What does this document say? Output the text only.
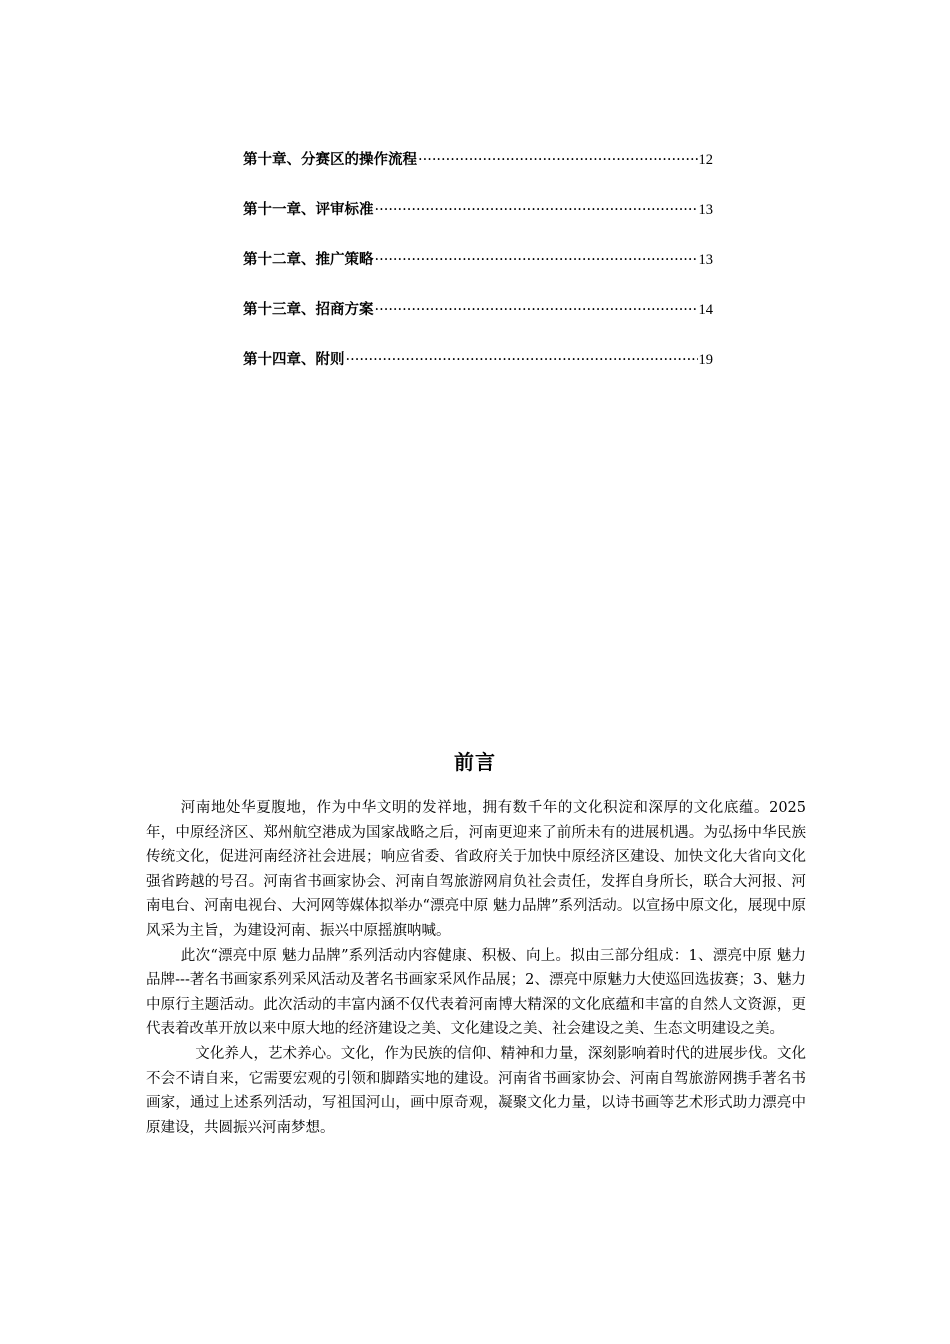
第十章、分赛区的操作流程 ·····	12
第十一章、评审标准 ·····	13
第十二章、推广策略 ·····	13
第十三章、招商方案 ·····	14
第十四章、附则 ·····	19
前言

河南地处华夏腹地，作为中华文明的发祥地，拥有数千年的文化积淀和深厚的文化底蕴。2025年，中原经济区、郑州航空港成为国家战略之后，河南更迎来了前所未有的进展机遇。为弘扬中华民族传统文化，促进河南经济社会进展；响应省委、省政府关于加快中原经济区建设、加快文化大省向文化强省跨越的号召。河南省书画家协会、河南自驾旅游网肩负社会责任，发挥自身所长，联合大河报、河南电台、河南电视台、大河网等媒体拟举办“漂亮中原 魅力品牌”系列活动。以宣扬中原文化，展现中原风采为主旨，为建设河南、振兴中原摇旗呐喊。

此次“漂亮中原 魅力品牌”系列活动内容健康、积极、向上。拟由三部分组成：1、漂亮中原 魅力品牌---著名书画家系列采风活动及著名书画家采风作品展；2、漂亮中原魅力大使巡回选拔赛；3、魅力中原行主题活动。此次活动的丰富内涵不仅代表着河南博大精深的文化底蕴和丰富的自然人文资源，更代表着改革开放以来中原大地的经济建设之美、文化建设之美、社会建设之美、生态文明建设之美。

文化养人，艺术养心。文化，作为民族的信仰、精神和力量，深刻影响着时代的进展步伐。文化不会不请自来，它需要宏观的引领和脚踏实地的建设。河南省书画家协会、河南自驾旅游网携手著名书画家，通过上述系列活动，写祖国河山，画中原奇观，凝聚文化力量，以诗书画等艺术形式助力漂亮中原建设，共圆振兴河南梦想。
